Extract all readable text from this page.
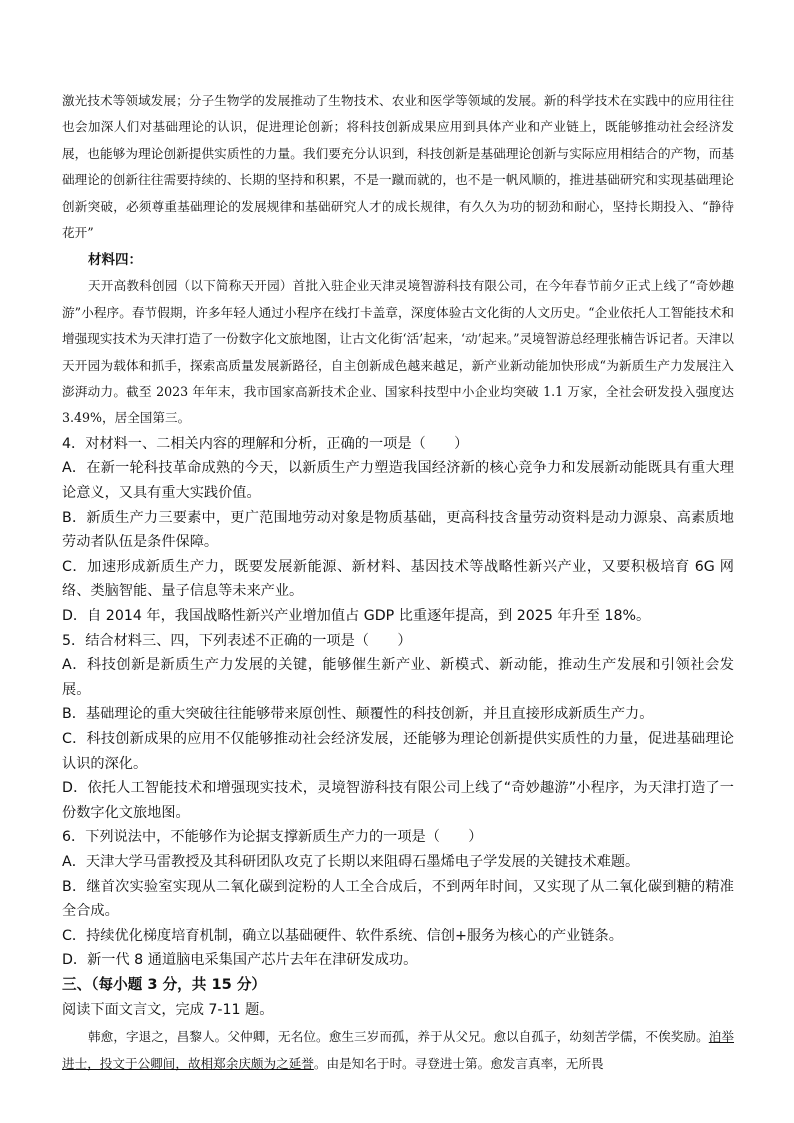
激光技术等领域发展；分子生物学的发展推动了生物技术、农业和医学等领域的发展。新的科学技术在实践中的应用往往也会加深人们对基础理论的认识，促进理论创新；将科技创新成果应用到具体产业和产业链上，既能够推动社会经济发展，也能够为理论创新提供实质性的力量。我们要充分认识到，科技创新是基础理论创新与实际应用相结合的产物，而基础理论的创新往往需要持续的、长期的坚持和积累，不是一蹴而就的，也不是一帆风顺的，推进基础研究和实现基础理论创新突破，必须尊重基础理论的发展规律和基础研究人才的成长规律，有久久为功的韧劲和耐心，坚持长期投入、“静待花开”

材料四：

天开高教科创园（以下简称天开园）首批入驻企业天津灵境智游科技有限公司，在今年春节前夕正式上线了“奇妙趣游”小程序。春节假期，许多年轻人通过小程序在线打卡盖章，深度体验古文化街的人文历史。“企业依托人工智能技术和增强现实技术为天津打造了一份数字化文旅地图，让古文化街‘活’起来，‘动’起来。”灵境智游总经理张楠告诉记者。天津以天开园为载体和抓手，探索高质量发展新路径，自主创新成色越来越足，新产业新动能加快形成“为新质生产力发展注入澎湃动力。截至 2023 年年末，我市国家高新技术企业、国家科技型中小企业均突破 1.1 万家，全社会研发投入强度达 3.49%，居全国第三。

4．对材料一、二相关内容的理解和分析，正确的一项是（　　）

A．在新一轮科技革命成熟的今天，以新质生产力塑造我国经济新的核心竞争力和发展新动能既具有重大理论意义，又具有重大实践价值。

B．新质生产力三要素中，更广范围地劳动对象是物质基础，更高科技含量劳动资料是动力源泉、高素质地劳动者队伍是条件保障。

C．加速形成新质生产力，既要发展新能源、新材料、基因技术等战略性新兴产业，又要积极培育 6G 网络、类脑智能、量子信息等未来产业。

D．自 2014 年，我国战略性新兴产业增加值占 GDP 比重逐年提高，到 2025 年升至 18%。

5．结合材料三、四，下列表述不正确的一项是（　　）

A．科技创新是新质生产力发展的关键，能够催生新产业、新模式、新动能，推动生产发展和引领社会发展。

B．基础理论的重大突破往往能够带来原创性、颠覆性的科技创新，并且直接形成新质生产力。

C．科技创新成果的应用不仅能够推动社会经济发展，还能够为理论创新提供实质性的力量，促进基础理论认识的深化。

D．依托人工智能技术和增强现实技术，灵境智游科技有限公司上线了“奇妙趣游”小程序，为天津打造了一份数字化文旅地图。

6．下列说法中，不能够作为论据支撑新质生产力的一项是（　　）

A．天津大学马雷教授及其科研团队攻克了长期以来阻碍石墨烯电子学发展的关键技术难题。

B．继首次实验室实现从二氧化碳到淀粉的人工全合成后，不到两年时间，又实现了从二氧化碳到糖的精准全合成。

C．持续优化梯度培育机制，确立以基础硬件、软件系统、信创+服务为核心的产业链条。

D．新一代 8 通道脑电采集国产芯片去年在津研发成功。

三、（每小题 3 分，共 15 分）

阅读下面文言文，完成 7-11 题。

韩愈，字退之，昌黎人。父仲卿，无名位。愈生三岁而孤，养于从父兄。愈以自孤子，幼刻苦学儒，不俟奖励。洎举进士，投文于公卿间，故相郑余庆颇为之延誉。由是知名于时。寻登进士第。愈发言真率，无所畏
